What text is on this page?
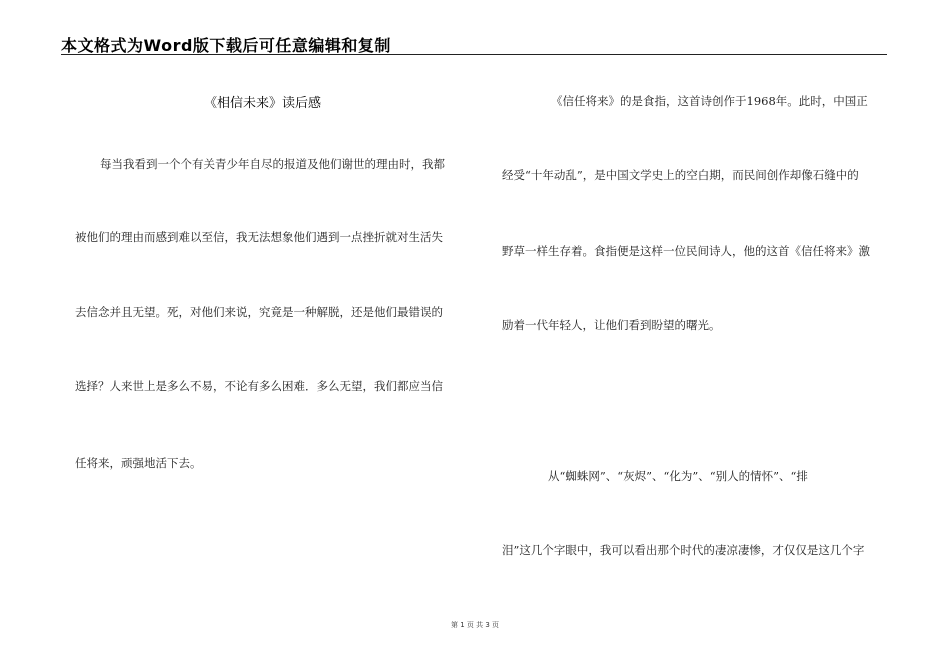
本文格式为Word版下载后可任意编辑和复制
《相信未来》读后感
每当我看到一个个有关青少年自尽的报道及他们谢世的理由时，我都
被他们的理由而感到难以至信，我无法想象他们遇到一点挫折就对生活失
去信念并且无望。死，对他们来说，究竟是一种解脱，还是他们最错误的
选择？人来世上是多么不易，不论有多么困难．多么无望，我们都应当信
任将来，顽强地活下去。
《信任将来》的是食指，这首诗创作于1968年。此时，中国正
经受“十年动乱”，是中国文学史上的空白期，而民间创作却像石缝中的
野草一样生存着。食指便是这样一位民间诗人，他的这首《信任将来》激
励着一代年轻人，让他们看到盼望的曙光。
从“蜘蛛网”、“灰烬”、“化为”、“别人的情怀”、“排
泪”这几个字眼中，我可以看出那个时代的凄凉凄惨，才仅仅是这几个字
第 1 页 共 3 页
